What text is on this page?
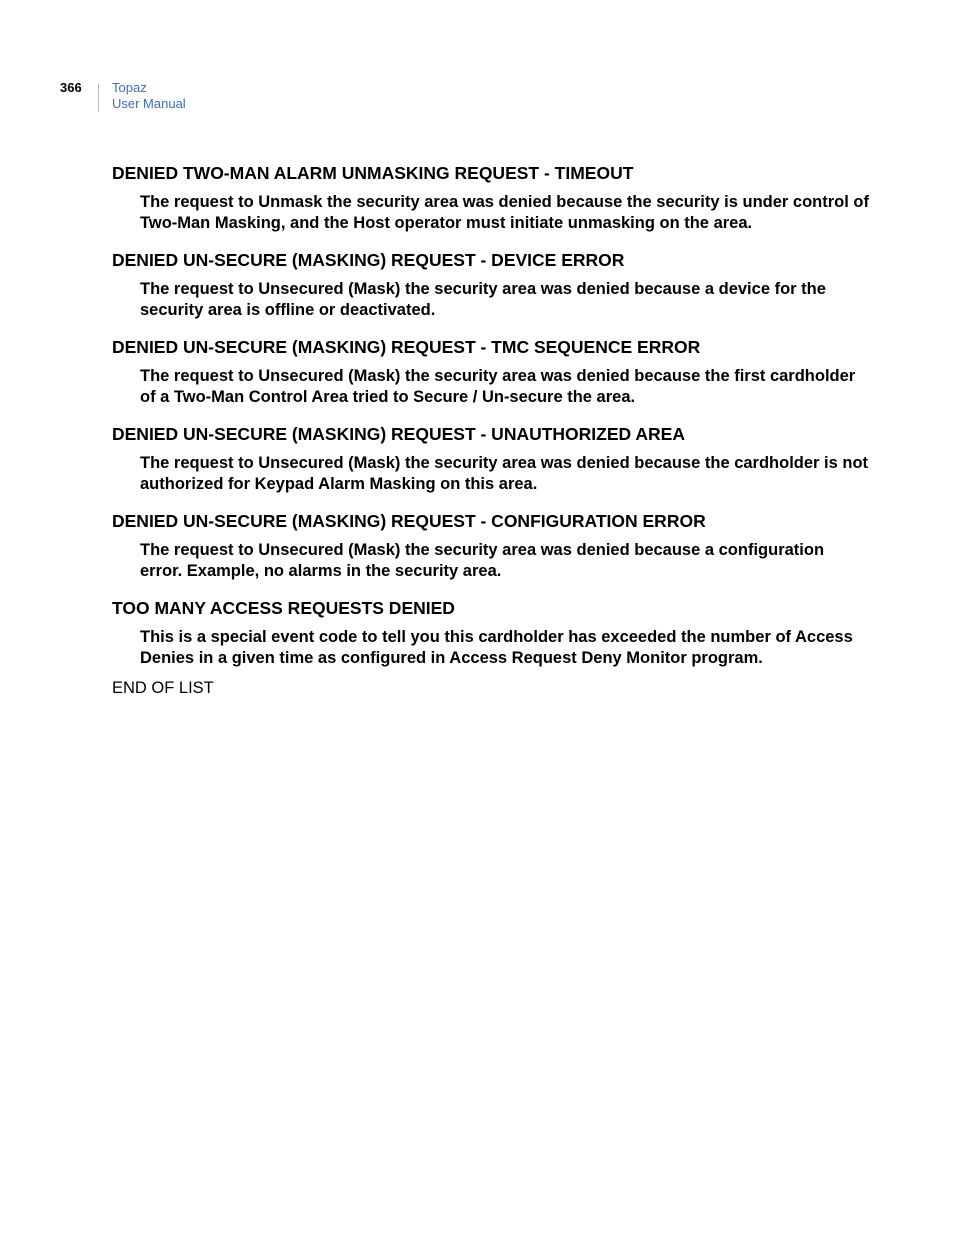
366 Topaz
User Manual
DENIED TWO-MAN ALARM UNMASKING REQUEST - TIMEOUT
The request to Unmask the security area was denied because the security is under control of Two-Man Masking, and the Host operator must initiate unmasking on the area.
DENIED UN-SECURE (MASKING) REQUEST - DEVICE ERROR
The request to Unsecured (Mask) the security area was denied because a device for the security area is offline or deactivated.
DENIED UN-SECURE (MASKING) REQUEST - TMC SEQUENCE ERROR
The request to Unsecured (Mask) the security area was denied because the first cardholder of a Two-Man Control Area tried to Secure / Un-secure the area.
DENIED UN-SECURE (MASKING) REQUEST - UNAUTHORIZED AREA
The request to Unsecured (Mask) the security area was denied because the cardholder is not authorized for Keypad Alarm Masking on this area.
DENIED UN-SECURE (MASKING) REQUEST - CONFIGURATION ERROR
The request to Unsecured (Mask) the security area was denied because a configuration error. Example, no alarms in the security area.
TOO MANY ACCESS REQUESTS DENIED
This is a special event code to tell you this cardholder has exceeded the number of Access Denies in a given time as configured in Access Request Deny Monitor program.
END OF LIST
